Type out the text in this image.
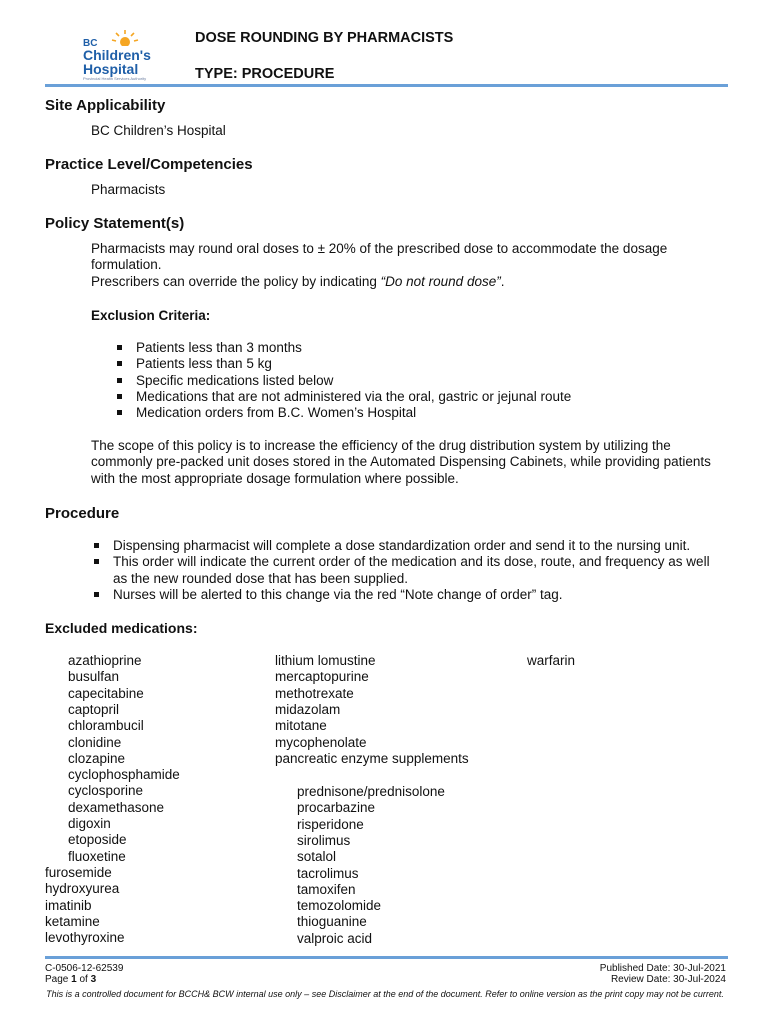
BC
Children's
Hospital
Provincial Health Services Authority
DOSE ROUNDING BY PHARMACISTS
TYPE: PROCEDURE
Site Applicability
BC Children’s Hospital
Practice Level/Competencies
Pharmacists
Policy Statement(s)
Pharmacists may round oral doses to ± 20% of the prescribed dose to accommodate the dosage formulation.
Prescribers can override the policy by indicating “Do not round dose”.
Exclusion Criteria:
Patients less than 3 months
Patients less than 5 kg
Specific medications listed below
Medications that are not administered via the oral, gastric or jejunal route
Medication orders from B.C. Women’s Hospital
The scope of this policy is to increase the efficiency of the drug distribution system by utilizing the commonly pre-packed unit doses stored in the Automated Dispensing Cabinets, while providing patients with the most appropriate dosage formulation where possible.
Procedure
Dispensing pharmacist will complete a dose standardization order and send it to the nursing unit.
This order will indicate the current order of the medication and its dose, route, and frequency as well as the new rounded dose that has been supplied.
Nurses will be alerted to this change via the red “Note change of order” tag.
Excluded medications:
azathioprine
busulfan
capecitabine
captopril
chlorambucil
clonidine
clozapine
cyclophosphamide
cyclosporine
dexamethasone
digoxin
etoposide
fluoxetine
furosemide
hydroxyurea
imatinib
ketamine
levothyroxine
lithium lomustine
mercaptopurine
methotrexate
midazolam
mitotane
mycophenolate
pancreatic enzyme supplements
prednisone/prednisolone
procarbazine
risperidone
sirolimus
sotalol
tacrolimus
tamoxifen
temozolomide
thioguanine
valproic acid
warfarin
C-0506-12-62539
Page 1 of 3
Published Date: 30-Jul-2021
Review Date: 30-Jul-2024
This is a controlled document for BCCH& BCW internal use only – see Disclaimer at the end of the document. Refer to online version as the print copy may not be current.
